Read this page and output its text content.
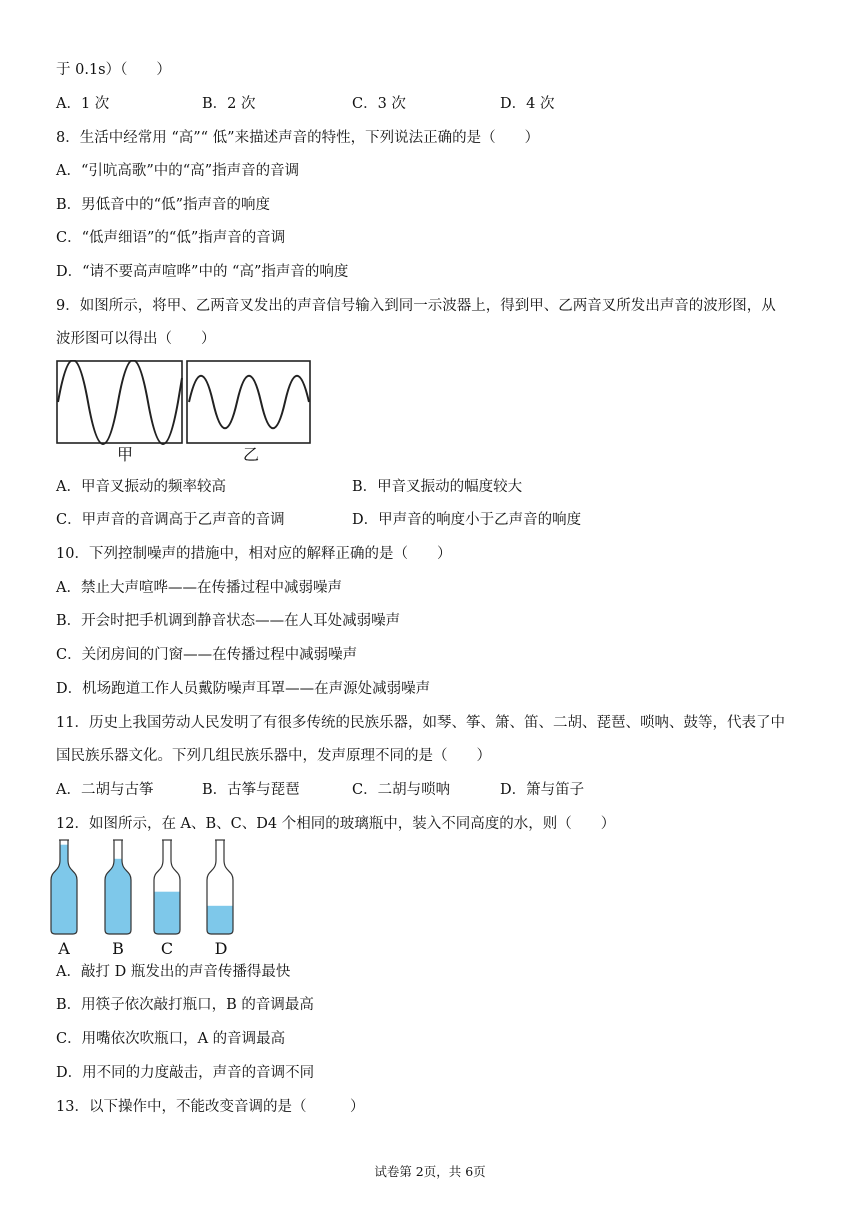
于 0.1s）（　　）
A．1 次	B．2 次	C．3 次	D．4 次
8．生活中经常用 “高”“ 低”来描述声音的特性，下列说法正确的是（　　）
A．“引吭高歌”中的“高”指声音的音调
B．男低音中的“低”指声音的响度
C．“低声细语”的“低”指声音的音调
D．“请不要高声喧哗”中的 “高”指声音的响度
9．如图所示，将甲、乙两音叉发出的声音信号输入到同一示波器上，得到甲、乙两音叉所发出声音的波形图，从
波形图可以得出（　　）
甲	乙
A．甲音叉振动的频率较高	B．甲音叉振动的幅度较大
C．甲声音的音调高于乙声音的音调	D．甲声音的响度小于乙声音的响度
10．下列控制噪声的措施中，相对应的解释正确的是（　　）
A．禁止大声喧哗——在传播过程中减弱噪声
B．开会时把手机调到静音状态——在人耳处减弱噪声
C．关闭房间的门窗——在传播过程中减弱噪声
D．机场跑道工作人员戴防噪声耳罩——在声源处减弱噪声
11．历史上我国劳动人民发明了有很多传统的民族乐器，如琴、筝、箫、笛、二胡、琵琶、唢呐、鼓等，代表了中
国民族乐器文化。下列几组民族乐器中，发声原理不同的是（　　）
A．二胡与古筝	B．古筝与琵琶	C．二胡与唢呐	D．箫与笛子
12．如图所示，在 A、B、C、D4 个相同的玻璃瓶中，装入不同高度的水，则（　　）
A	B C	D
A．敲打 D 瓶发出的声音传播得最快
B．用筷子依次敲打瓶口，B 的音调最高
C．用嘴依次吹瓶口，A 的音调最高
D．用不同的力度敲击，声音的音调不同
13．以下操作中，不能改变音调的是（　　　）
试卷第 2页，共 6页
